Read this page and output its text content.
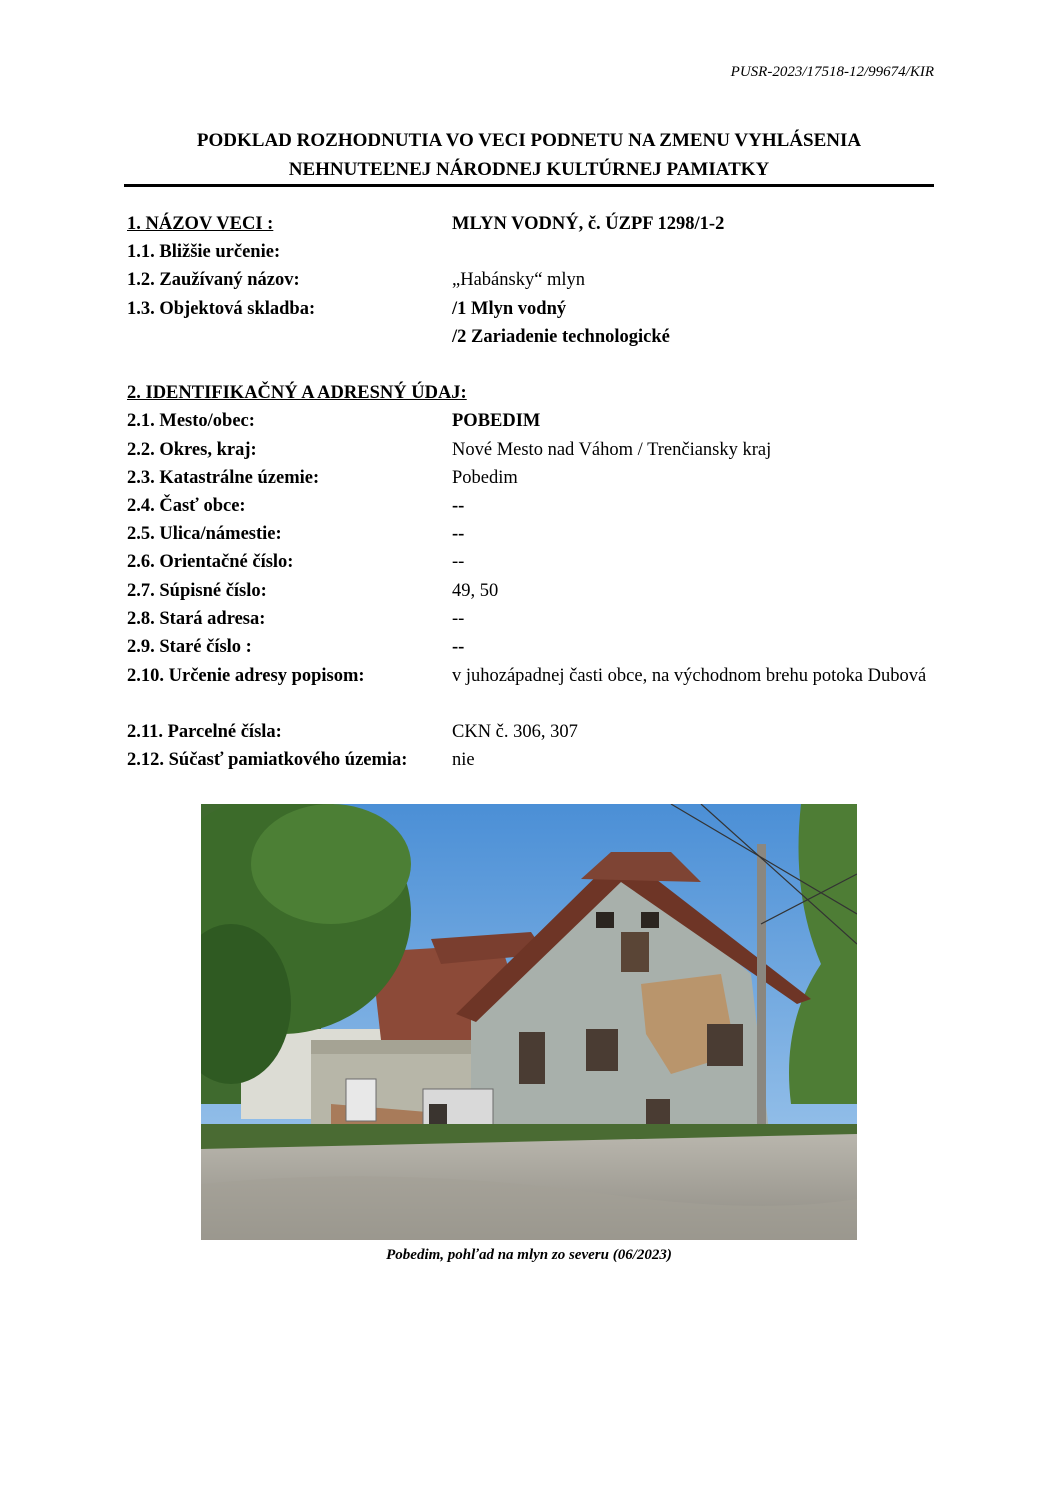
PUSR-2023/17518-12/99674/KIR
PODKLAD ROZHODNUTIA VO VECI PODNETU NA ZMENU VYHLÁSENIA
NEHNUTEĽNEJ NÁRODNEJ KULTÚRNEJ PAMIATKY
1. NÁZOV VECI :	MLYN VODNÝ, č. ÚZPF 1298/1-2
1.1. Bližšie určenie:
1.2. Zaužívaný názov:	„Habánsky“ mlyn
1.3. Objektová skladba:	/1 Mlyn vodný
/2 Zariadenie technologické
2. IDENTIFIKAČNÝ A ADRESNÝ ÚDAJ:
2.1. Mesto/obec:	POBEDIM
2.2. Okres, kraj:	Nové Mesto nad Váhom / Trenčiansky kraj
2.3. Katastrálne územie:	Pobedim
2.4. Časť obce:	--
2.5. Ulica/námestie:	--
2.6. Orientačné číslo:	--
2.7. Súpisné číslo:	49, 50
2.8. Stará adresa:	--
2.9. Staré číslo :	--
2.10. Určenie adresy popisom:	v juhozápadnej časti obce, na východnom brehu potoka Dubová
2.11. Parcelné čísla:	CKN č. 306, 307
2.12. Súčasť pamiatkového územia: nie
Pobedim, pohľad na mlyn zo severu (06/2023)
